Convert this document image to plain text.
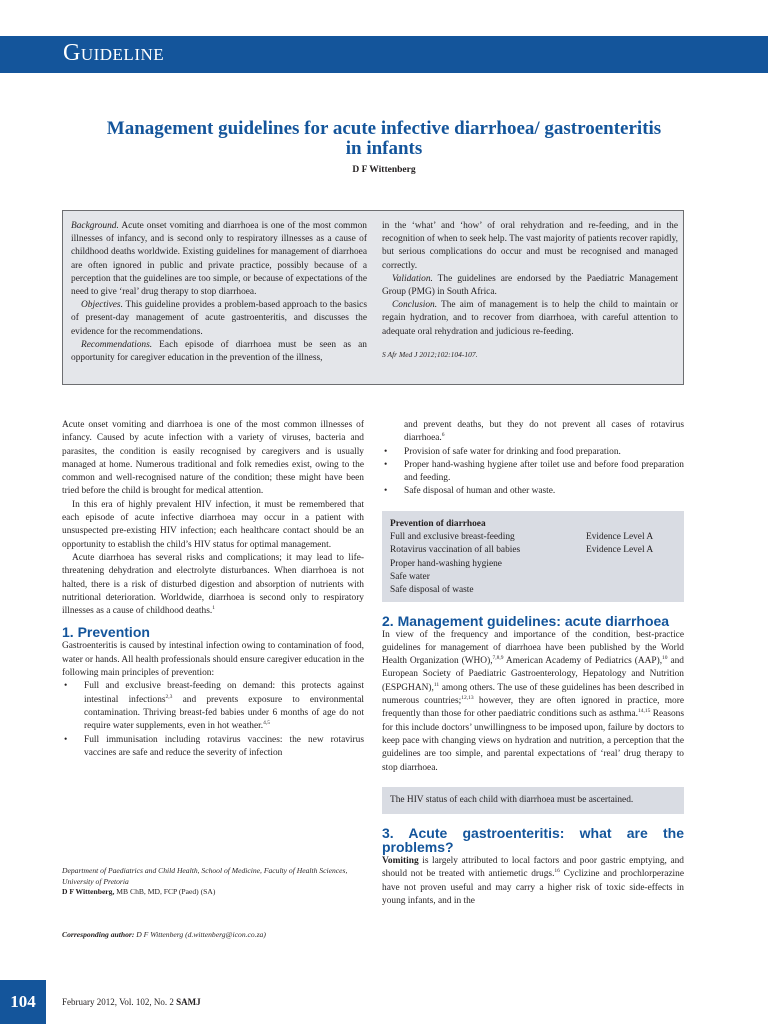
Guideline
Management guidelines for acute infective diarrhoea/ gastroenteritis in infants
D F Wittenberg

Background. Acute onset vomiting and diarrhoea is one of the most common illnesses of infancy, and is second only to respiratory illnesses as a cause of childhood deaths worldwide. Existing guidelines for management of diarrhoea are often ignored in public and private practice, possibly because of a perception that the guidelines are too simple, or because of expectations of the need to give ‘real’ drug therapy to stop diarrhoea.

Objectives. This guideline provides a problem-based approach to the basics of present-day management of acute gastroenteritis, and discusses the evidence for the recommendations.

Recommendations. Each episode of diarrhoea must be seen as an opportunity for caregiver education in the prevention of the illness,

in the ‘what’ and ‘how’ of oral rehydration and re-feeding, and in the recognition of when to seek help. The vast majority of patients recover rapidly, but serious complications do occur and must be recognised and managed correctly.

Validation. The guidelines are endorsed by the Paediatric Management Group (PMG) in South Africa.

Conclusion. The aim of management is to help the child to maintain or regain hydration, and to recover from diarrhoea, with careful attention to adequate oral rehydration and judicious re-feeding.

S Afr Med J 2012;102:104-107.

Acute onset vomiting and diarrhoea is one of the most common illnesses of infancy. Caused by acute infection with a variety of viruses, bacteria and parasites, the condition is easily recognised by caregivers and is usually managed at home. Numerous traditional and folk remedies exist, owing to the common and well-recognised nature of the condition; these might have been tried before the child is brought for medical attention.

In this era of highly prevalent HIV infection, it must be remembered that each episode of acute infective diarrhoea may occur in a patient with unsuspected pre-existing HIV infection; each healthcare contact should be an opportunity to establish the child’s HIV status for optimal management.

Acute diarrhoea has several risks and complications; it may lead to life-threatening dehydration and electrolyte disturbances. When diarrhoea is not halted, there is a risk of disturbed digestion and absorption of nutrients with nutritional deterioration. Worldwide, diarrhoea is second only to respiratory illnesses as a cause of childhood deaths.$^1$

1. Prevention

Gastroenteritis is caused by intestinal infection owing to contamination of food, water or hands. All health professionals should ensure caregiver education in the following main principles of prevention:

• Full and exclusive breast-feeding on demand: this protects against intestinal infections$^{2,3}$ and prevents exposure to environmental contamination. Thriving breast-fed babies under 6 months of age do not require water supplements, even in hot weather.$^{4,5}$
• Full immunisation including rotavirus vaccines: the new rotavirus vaccines are safe and reduce the severity of infection
and prevent deaths, but they do not prevent all cases of rotavirus diarrhoea.$^6$
• Provision of safe water for drinking and food preparation.
• Proper hand-washing hygiene after toilet use and before food preparation and feeding.
• Safe disposal of human and other waste.
Prevention of diarrhoea
Full and exclusive breast-feeding	Evidence Level A
Rotavirus vaccination of all babies	Evidence Level A
Proper hand-washing hygiene
Safe water
Safe disposal of waste
2. Management guidelines: acute diarrhoea

In view of the frequency and importance of the condition, best-practice guidelines for management of diarrhoea have been published by the World Health Organization (WHO),$^{7,8,9}$ American Academy of Pediatrics (AAP),$^{10}$ and European Society of Paediatric Gastroenterology, Hepatology and Nutrition (ESPGHAN),$^{11}$ among others. The use of these guidelines has been described in numerous countries;$^{12,13}$ however, they are often ignored in practice, more frequently than those for other paediatric conditions such as asthma.$^{14,15}$ Reasons for this include doctors’ unwillingness to be imposed upon, failure by doctors to keep pace with changing views on hydration and nutrition, a perception that the guidelines are too simple, and parental expectations of ‘real’ drug therapy to stop diarrhoea.

The HIV status of each child with diarrhoea must be ascertained.
3. Acute gastroenteritis: what are the problems?

Vomiting is largely attributed to local factors and poor gastric emptying, and should not be treated with antiemetic drugs.$^{16}$ Cyclizine and prochlorperazine have not proven useful and may carry a higher risk of toxic side-effects in young infants, and in the

Department of Paediatrics and Child Health, School of Medicine, Faculty of Health Sciences, University of Pretoria
D F Wittenberg, MB ChB, MD, FCP (Paed) (SA)
Corresponding author: D F Wittenberg (d.wittenberg@icon.co.za)
104	February 2012, Vol. 102, No. 2 SAMJ
